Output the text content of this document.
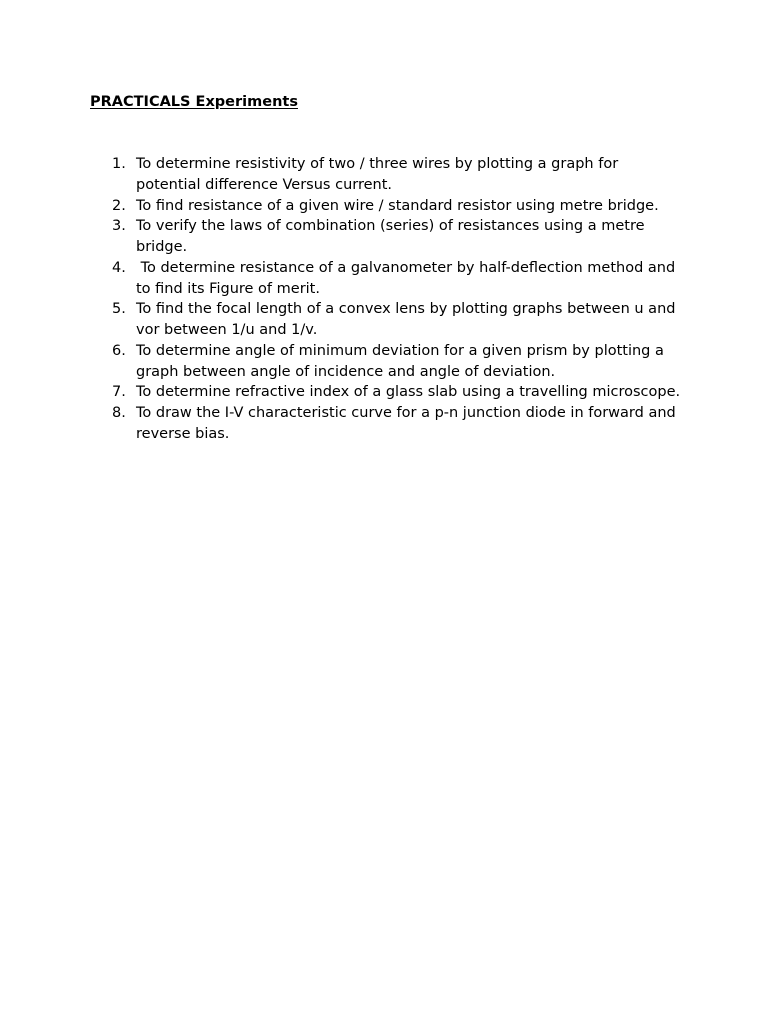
PRACTICALS Experiments
1. To determine resistivity of two / three wires by plotting a graph for potential difference Versus current.
2. To find resistance of a given wire / standard resistor using metre bridge.
3. To verify the laws of combination (series) of resistances using a metre bridge.
4. To determine resistance of a galvanometer by half-deflection method and to find its Figure of merit.
5. To find the focal length of a convex lens by plotting graphs between u and vor between 1/u and 1/v.
6. To determine angle of minimum deviation for a given prism by plotting a graph between angle of incidence and angle of deviation.
7. To determine refractive index of a glass slab using a travelling microscope.
8. To draw the I-V characteristic curve for a p-n junction diode in forward and reverse bias.
